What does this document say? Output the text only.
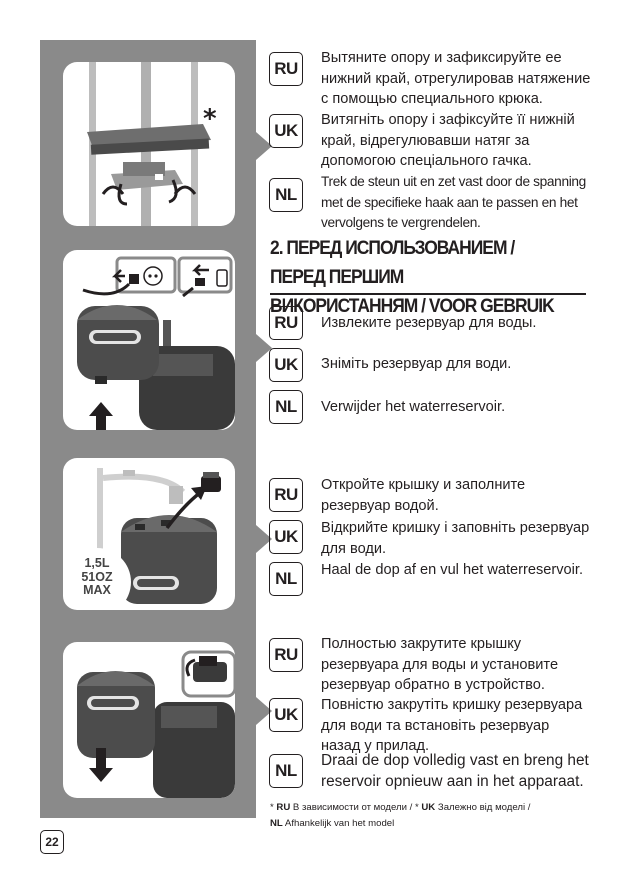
*
1,5L
51OZ
MAX
RU
Вытяните опору и зафиксируйте ее нижний край, отрегулировав натяжение с помощью специального крюка.
UK
Витягніть опору і зафіксуйте її нижній край, відрегулювавши натяг за допомогою спеціального гачка.
NL
Trek de steun uit en zet vast door de spanning met de specifieke haak aan te passen en het vervolgens te vergrendelen.
2. ПЕРЕД ИСПОЛЬЗОВАНИЕМ / ПЕРЕД ПЕРШИМ ВИКОРИСТАННЯМ / VOOR GEBRUIK
RU	Извлеките резервуар для воды.
UK	Зніміть резервуар для води.
NL	Verwijder het waterreservoir.
RU	Откройте крышку и заполните резервуар водой.
UK	Відкрийте кришку і заповніть резервуар для води.
NL	Haal de dop af en vul het waterreservoir.
RU
Полностью закрутите крышку резервуара для воды и установите резервуар обратно в устройство.
UK	Повністю закрутіть кришку резервуара для води та встановіть резервуар назад у прилад.
NL
Draai de dop volledig vast en breng het reservoir opnieuw aan in het apparaat.
* RU В зависимости от модели / * UK Залежно від моделі /
NL Afhankelijk van het model
22
